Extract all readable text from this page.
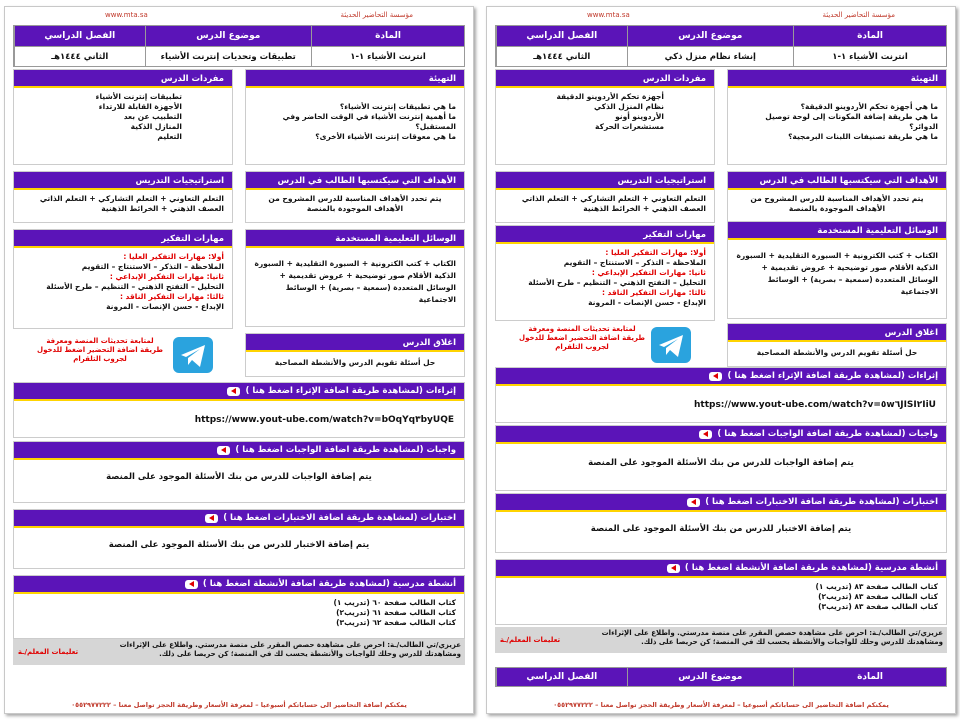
مؤسسة التحاضير الحديثة
www.mta.sa
المادة
موضوع الدرس
الفصل الدراسي
انترنت الأشياء ١-١
تطبيقات وتحديات إنترنت الأشياء
الثاني ١٤٤٤هـ
التهيئة
ما هي تطبيقات إنترنت الأشياء؟
ما أهمية إنترنت الأشياء في الوقت الحاضر وفي المستقبل؟
ما هي معوقات إنترنت الأشياء الأخرى؟
مفردات الدرس
تطبيقات إنترنت الأشياء
الأجهزة القابلة للارتداء
التطبيب عن بعد
المنازل الذكية
التعليم
الأهداف التي سيكتسبها الطالب في الدرس
يتم تحدد الأهداف المناسبة للدرس المشروح من الأهداف الموجودة بالمنصة
استراتيجيات التدريس
التعلم التعاوني + التعلم التشاركي + التعلم الذاتي العصف الذهني + الخرائط الذهنية
الوسائل التعليمية المستخدمة
الكتاب + كتب الكترونية + السبورة التقليدية + السبورة الذكية الأقلام صور توضيحية + عروض تقديمية + الوسائل المتعددة (سمعية – بصرية) + الوسائط الاجتماعية
مهارات التفكير
أولا: مهارات التفكير العليا :
الملاحظة – التذكر – الاستنتاج – التقويم
ثانيا: مهارات التفكير الإبداعي :
التحليل – التفتح الذهني – التنظيم – طرح الأسئلة
ثالثا: مهارات التفكير الناقد :
الإبداع - حسن الإنصات - المرونة
اغلاق الدرس
حل أسئلة تقويم الدرس والأنشطة المصاحبة
لمتابعة تحديثات المنصة ومعرفة طريقة اضافة التحضير اضغط للدخول لجروب التلقرام
إثراءات (لمشاهدة طريقة اضافة الإثراء اضغط هنا )
https://www.yout-ube.com/watch?v=bOqYq٣byUQE
واجبات (لمشاهدة طريقة اضافة الواجبات اضغط هنا )
يتم إضافة الواجبات للدرس من بنك الأسئلة الموجود على المنصة
اختبارات (لمشاهدة طريقة اضافة الاختبارات اضغط هنا )
يتم إضافة الاختبار للدرس من بنك الأسئلة الموجود على المنصة
أنشطة مدرسية (لمشاهدة طريقة اضافة الأنشطة اضغط هنا )
كتاب الطالب صفحة ٦٠ (تدريب ١)
كتاب الطالب صفحة ٦١ (تدريب٢)
كتاب الطالب صفحة ٦٢ (تدريب٣)
عزيزي/تي الطالب/ـة: احرص على مشاهدة حصص المقرر على منصة مدرستي. واطلاع على الإثراءات ومشاهدتك للدرس وحلك للواجبات والأنشطة يحسب لك في المنصة؛ كن حريصا على ذلك.
تعليمات المعلم/ـة
يمكنكم اضافة التحاضير الى حساباتكم أسبوعيا – لمعرفة الأسعار وطريقة الحجز تواصل معنا – ٠٥٥٢٩٧٧٢٢٢
مؤسسة التحاضير الحديثة
www.mta.sa
المادة
موضوع الدرس
الفصل الدراسي
انترنت الأشياء ١-١
إنشاء نظام منزل ذكي
الثاني ١٤٤٤هـ
التهيئة
ما هي أجهزة تحكم الأردوينو الدقيقة؟
ما هي طريقة إضافة المكونات إلى لوحة توصيل الدوائر؟
ما هي طريقة تصنيفات اللبنات البرمجية؟
مفردات الدرس
أجهزة تحكم الأردوينو الدقيقة
نظام المنزل الذكي
الأردوينو أونو
مستشعرات الحركة
الأهداف التي سيكتسبها الطالب في الدرس
يتم تحدد الأهداف المناسبة للدرس المشروح من الأهداف الموجودة بالمنصة
استراتيجيات التدريس
التعلم التعاوني + التعلم التشاركي + التعلم الذاتي العصف الذهني + الخرائط الذهنية
الوسائل التعليمية المستخدمة
الكتاب + كتب الكترونية + السبورة التقليدية + السبورة الذكية الأقلام صور توضيحية + عروض تقديمية + الوسائل المتعددة (سمعية – بصرية) + الوسائط الاجتماعية
مهارات التفكير
أولا: مهارات التفكير العليا :
الملاحظة – التذكر – الاستنتاج – التقويم
ثانيا: مهارات التفكير الإبداعي :
التحليل – التفتح الذهني – التنظيم – طرح الأسئلة
ثالثا: مهارات التفكير الناقد :
الإبداع - حسن الإنصات - المرونة
اغلاق الدرس
حل أسئلة تقويم الدرس والأنشطة المصاحبة
لمتابعة تحديثات المنصة ومعرفة طريقة اضافة التحضير اضغط للدخول لجروب التلقرام
إثراءات (لمشاهدة طريقة اضافة الإثراء اضغط هنا )
https://www.yout-ube.com/watch?v=٥w٦JISI٢IiU
واجبات (لمشاهدة طريقة اضافة الواجبات اضغط هنا )
يتم إضافة الواجبات للدرس من بنك الأسئلة الموجود على المنصة
اختبارات (لمشاهدة طريقة اضافة الاختبارات اضغط هنا )
يتم إضافة الاختبار للدرس من بنك الأسئلة الموجود على المنصة
أنشطة مدرسية (لمشاهدة طريقة اضافة الأنشطة اضغط هنا )
كتاب الطالب صفحة ٨٣ (تدريب ١)
كتاب الطالب صفحة ٨٣ (تدريب٢)
كتاب الطالب صفحة ٨٣ (تدريب٣)
عزيزي/تي الطالب/ـة: احرص على مشاهدة حصص المقرر على منصة مدرستي. واطلاع على الإثراءات ومشاهدتك للدرس وحلك للواجبات والأنشطة يحسب لك في المنصة؛ كن حريصا على ذلك.
تعليمات المعلم/ـة
المادة
موضوع الدرس
الفصل الدراسي
يمكنكم اضافة التحاضير الى حساباتكم أسبوعيا – لمعرفة الأسعار وطريقة الحجز تواصل معنا – ٠٥٥٢٩٧٧٢٢٢
